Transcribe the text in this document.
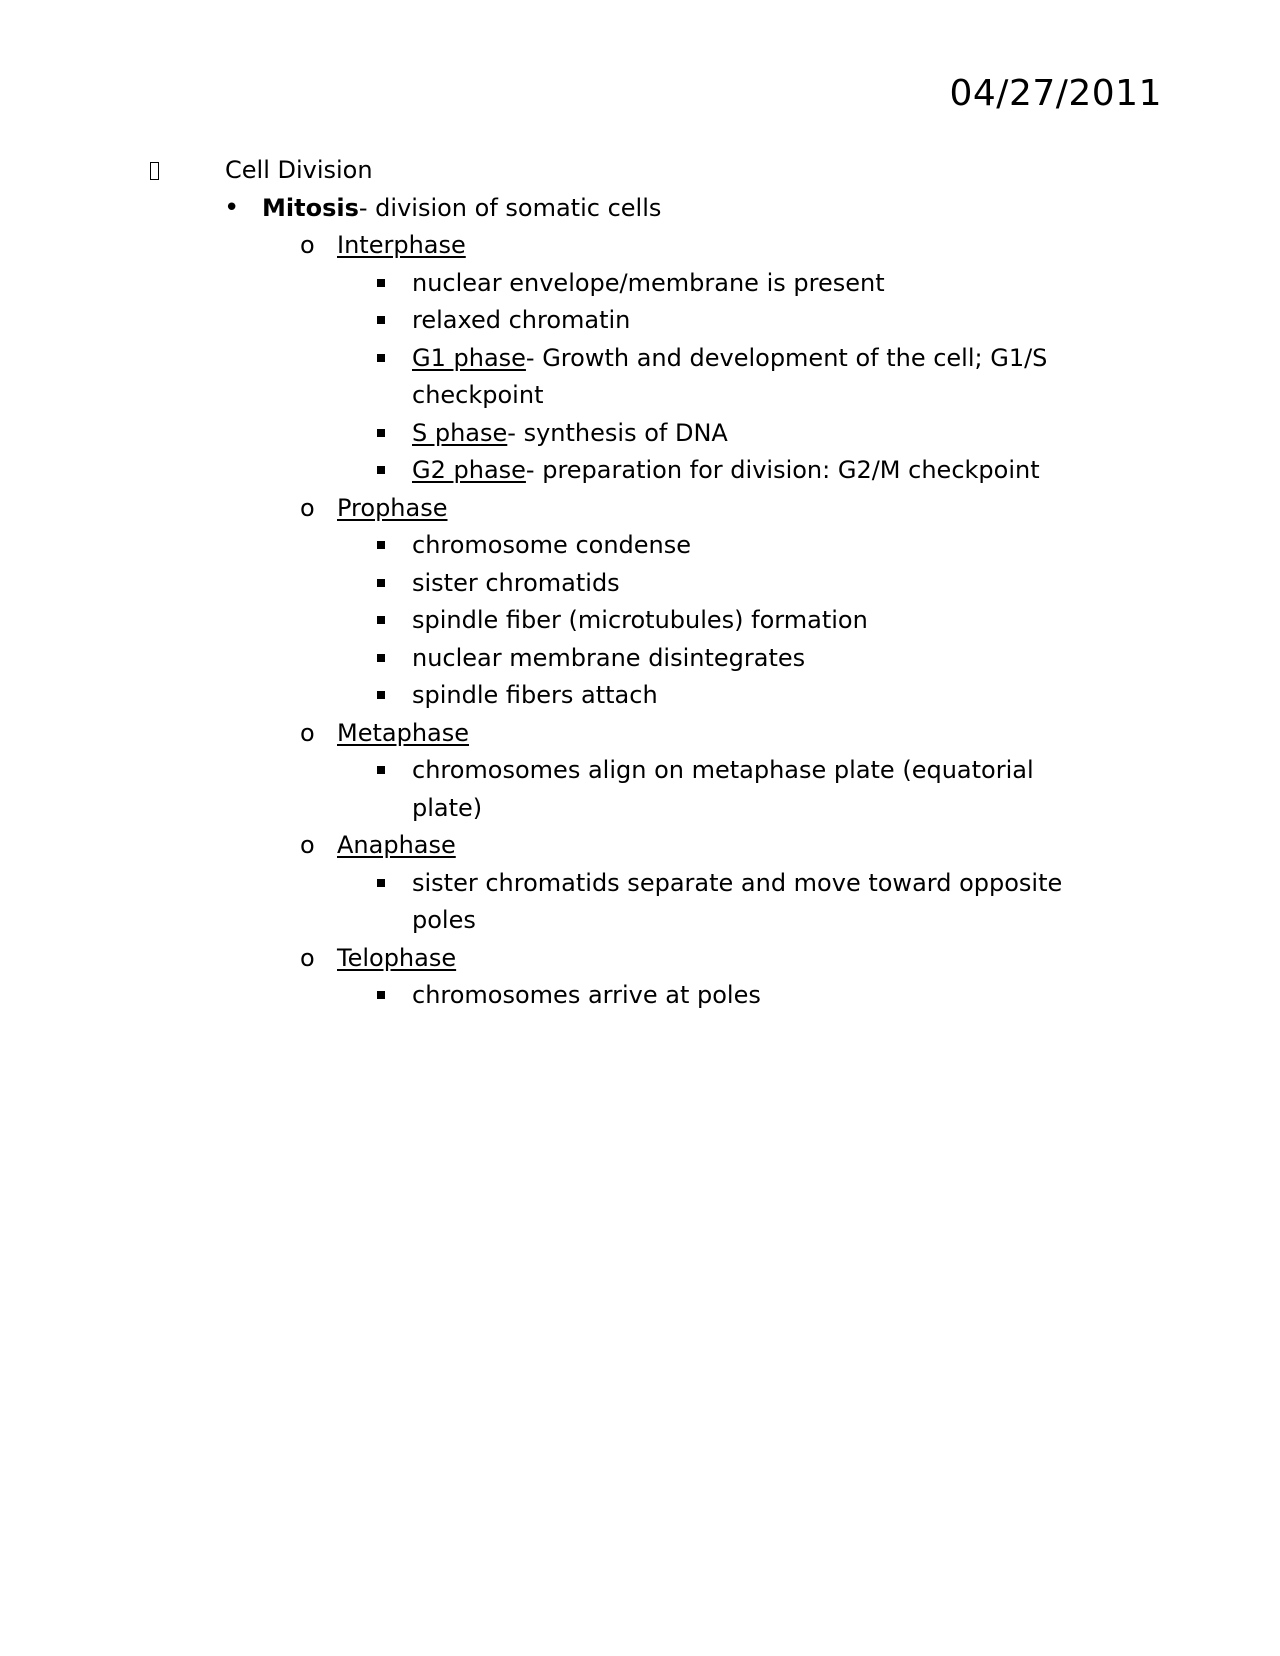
04/27/2011
Cell Division
• Mitosis- division of somatic cells
o Interphase
nuclear envelope/membrane is present
relaxed chromatin
G1 phase- Growth and development of the cell; G1/S checkpoint
S phase- synthesis of DNA
G2 phase- preparation for division: G2/M checkpoint
o Prophase
chromosome condense
sister chromatids
spindle fiber (microtubules) formation
nuclear membrane disintegrates
spindle fibers attach
o Metaphase
chromosomes align on metaphase plate (equatorial plate)
o Anaphase
sister chromatids separate and move toward opposite poles
o Telophase
chromosomes arrive at poles
